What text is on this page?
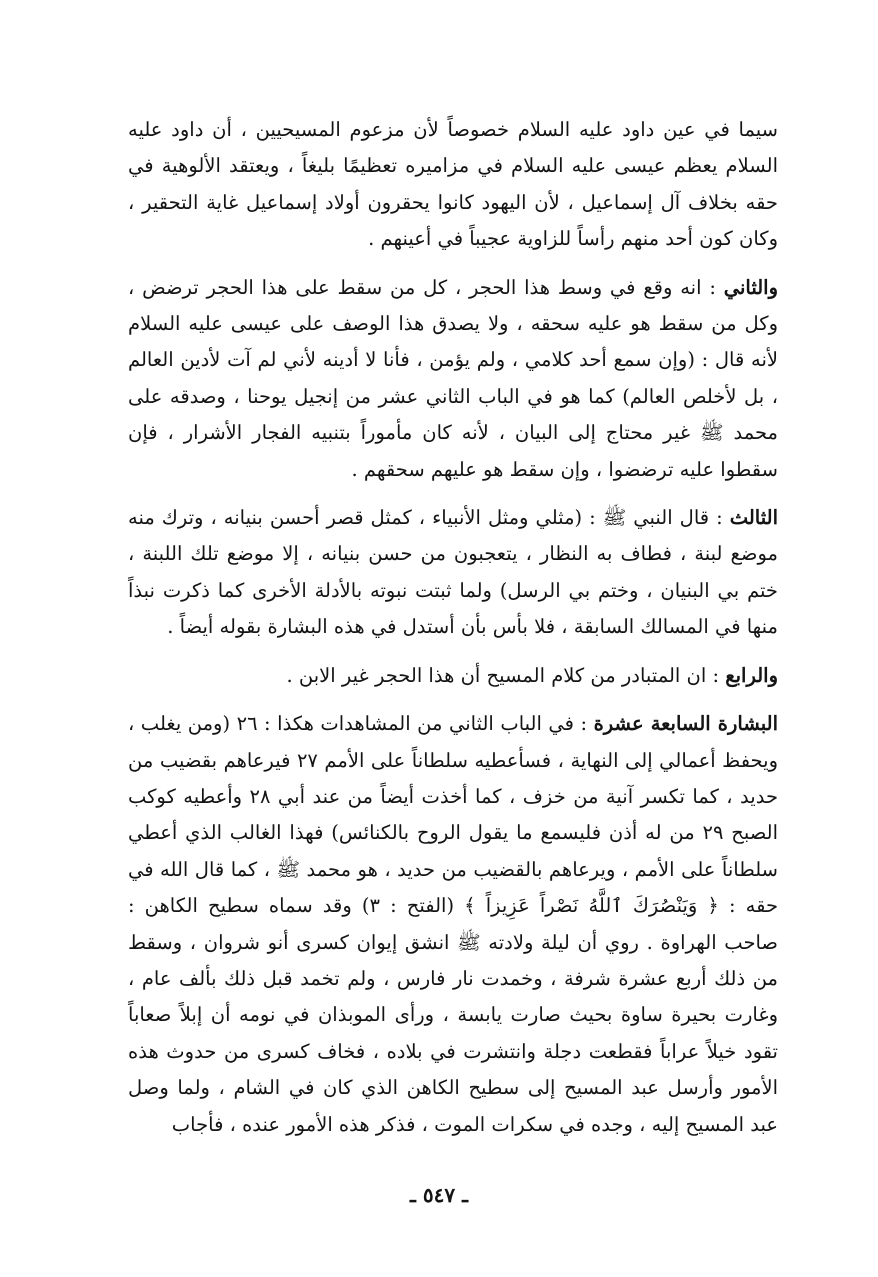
سيما في عين داود عليه السلام خصوصاً لأن مزعوم المسيحيين ، أن داود عليه السلام يعظم عيسى عليه السلام في مزاميره تعظيمًا بليغاً ، ويعتقد الألوهية في حقه بخلاف آل إسماعيل ، لأن اليهود كانوا يحقرون أولاد إسماعيل غاية التحقير ، وكان كون أحد منهم رأساً للزاوية عجيباً في أعينهم .

والثاني : انه وقع في وسط هذا الحجر ، كل من سقط على هذا الحجر ترضض ، وكل من سقط هو عليه سحقه ، ولا يصدق هذا الوصف على عيسى عليه السلام لأنه قال : (وإن سمع أحد كلامي ، ولم يؤمن ، فأنا لا أدينه لأني لم آت لأدين العالم ، بل لأخلص العالم) كما هو في الباب الثاني عشر من إنجيل يوحنا ، وصدقه على محمد ﷺ غير محتاج إلى البيان ، لأنه كان مأموراً بتنبيه الفجار الأشرار ، فإن سقطوا عليه ترضضوا ، وإن سقط هو عليهم سحقهم .

الثالث : قال النبي ﷺ : (مثلي ومثل الأنبياء ، كمثل قصر أحسن بنيانه ، وترك منه موضع لبنة ، فطاف به النظار ، يتعجبون من حسن بنيانه ، إلا موضع تلك اللبنة ، ختم بي البنيان ، وختم بي الرسل) ولما ثبتت نبوته بالأدلة الأخرى كما ذكرت نبذاً منها في المسالك السابقة ، فلا بأس بأن أستدل في هذه البشارة بقوله أيضاً .

والرابع : ان المتبادر من كلام المسيح أن هذا الحجر غير الابن .

البشارة السابعة عشرة : في الباب الثاني من المشاهدات هكذا : ٢٦ (ومن يغلب ، ويحفظ أعمالي إلى النهاية ، فسأعطيه سلطاناً على الأمم ٢٧ فيرعاهم بقضيب من حديد ، كما تكسر آنية من خزف ، كما أخذت أيضاً من عند أبي ٢٨ وأعطيه كوكب الصبح ٢٩ من له أذن فليسمع ما يقول الروح بالكنائس) فهذا الغالب الذي أعطي سلطاناً على الأمم ، ويرعاهم بالقضيب من حديد ، هو محمد ﷺ ، كما قال الله في حقه : ﴿ وَيَنْصُرَكَ ٱللَّهُ نَصْراً عَزِيزاً ﴾ (الفتح : ٣) وقد سماه سطيح الكاهن : صاحب الهراوة . روي أن ليلة ولادته ﷺ انشق إيوان كسرى أنو شروان ، وسقط من ذلك أربع عشرة شرفة ، وخمدت نار فارس ، ولم تخمد قبل ذلك بألف عام ، وغارت بحيرة ساوة بحيث صارت يابسة ، ورأى الموبذان في نومه أن إبلاً صعاباً تقود خيلاً عراباً فقطعت دجلة وانتشرت في بلاده ، فخاف كسرى من حدوث هذه الأمور وأرسل عبد المسيح إلى سطيح الكاهن الذي كان في الشام ، ولما وصل عبد المسيح إليه ، وجده في سكرات الموت ، فذكر هذه الأمور عنده ، فأجاب

ـ ٥٤٧ ـ
